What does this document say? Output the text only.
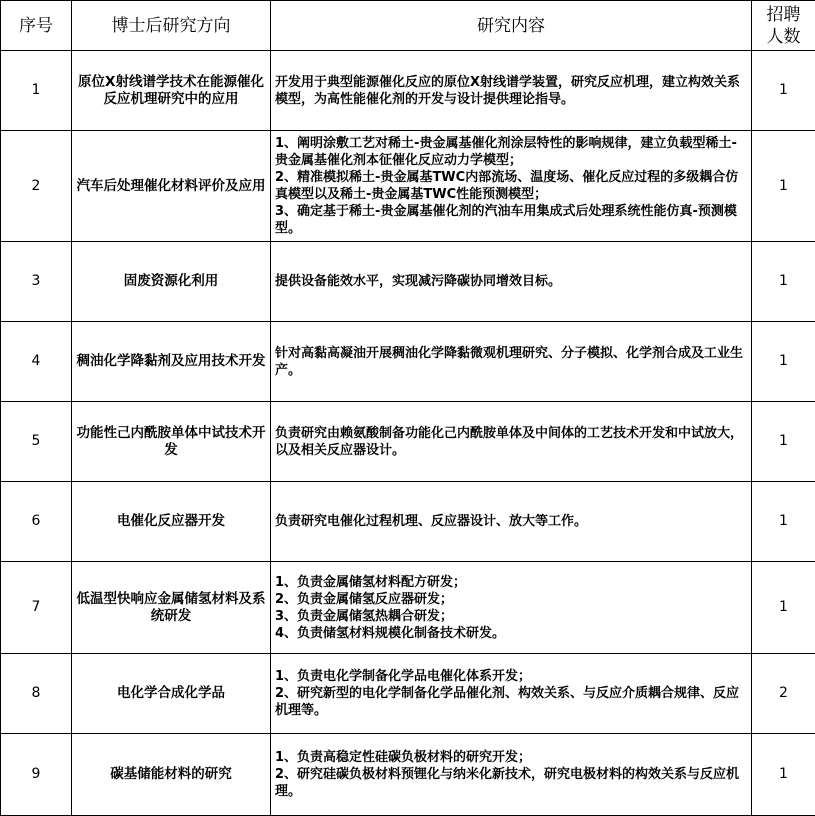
序号	博士后研究方向	研究内容	招聘
人数

1	原位X射线谱学技术在能源催化反应机理研究中的应用	开发用于典型能源催化反应的原位X射线谱学装置，研究反应机理，建立构效关系模型，为高性能催化剂的开发与设计提供理论指导。	1
2	汽车后处理催化材料评价及应用	1、阐明涂敷工艺对稀土-贵金属基催化剂涂层特性的影响规律，建立负载型稀土-贵金属基催化剂本征催化反应动力学模型；
2、精准模拟稀土-贵金属基TWC内部流场、温度场、催化反应过程的多级耦合仿真模型以及稀土-贵金属基TWC性能预测模型；
3、确定基于稀土-贵金属基催化剂的汽油车用集成式后处理系统性能仿真-预测模型。	1
3	固废资源化利用	提供设备能效水平，实现减污降碳协同增效目标。	1
4	稠油化学降黏剂及应用技术开发	针对高黏高凝油开展稠油化学降黏微观机理研究、分子模拟、化学剂合成及工业生产。	1
5	功能性己内酰胺单体中试技术开发	负责研究由赖氨酸制备功能化己内酰胺单体及中间体的工艺技术开发和中试放大，以及相关反应器设计。	1
6	电催化反应器开发	负责研究电催化过程机理、反应器设计、放大等工作。	1
7	低温型快响应金属储氢材料及系统研发	1、负责金属储氢材料配方研发；
2、负责金属储氢反应器研发；
3、负责金属储氢热耦合研发；
4、负责储氢材料规模化制备技术研发。	1
8	电化学合成化学品	1、负责电化学制备化学品电催化体系开发；
2、研究新型的电化学制备化学品催化剂、构效关系、与反应介质耦合规律、反应机理等。	2
9	碳基储能材料的研究	1、负责高稳定性硅碳负极材料的研究开发；
2、研究硅碳负极材料预锂化与纳米化新技术，研究电极材料的构效关系与反应机理。	1
